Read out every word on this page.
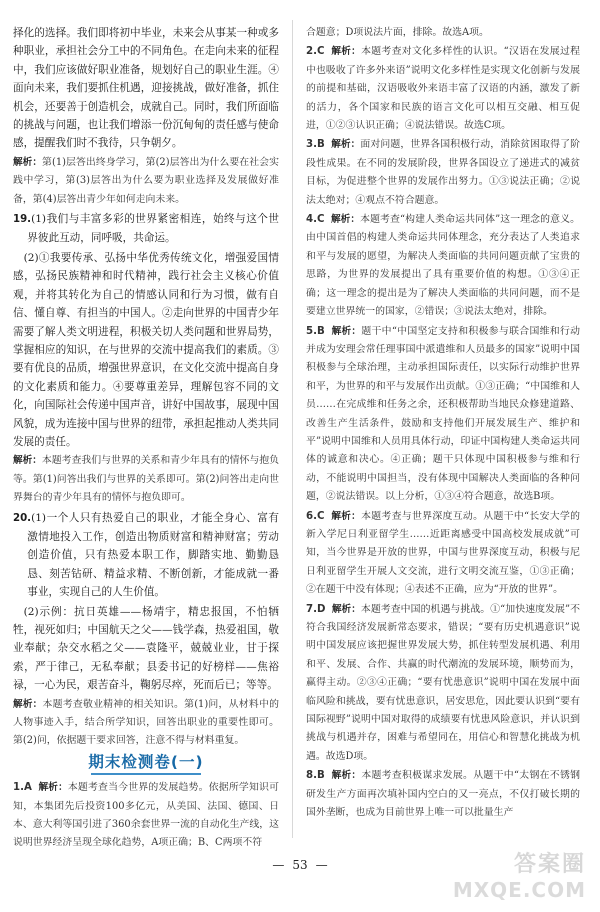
择化的选择。我们即将初中毕业，未来会从事某一种或多种职业，承担社会分工中的不同角色。在走向未来的征程中，我们应该做好职业准备，规划好自己的职业生涯。④面向未来，我们要抓住机遇，迎接挑战，做好准备，抓住机会，还要善于创造机会，成就自己。同时，我们所面临的挑战与问题，也让我们增添一份沉甸甸的责任感与使命感，提醒我们时不我待，只争朝夕。

解析：第(1)层答出终身学习，第(2)层答出为什么要在社会实践中学习，第(3)层答出为什么要为职业选择及发展做好准备，第(4)层答出青少年如何走向未来。

19.(1)我们与丰富多彩的世界紧密相连，始终与这个世界彼此互动，同呼吸，共命运。

(2)①我要传承、弘扬中华优秀传统文化，增强爱国情感，弘扬民族精神和时代精神，践行社会主义核心价值观，并将其转化为自己的情感认同和行为习惯，做有自信、懂自尊、有担当的中国人。②走向世界的中国青少年需要了解人类文明进程，积极关切人类问题和世界局势，掌握相应的知识，在与世界的交流中提高我们的素质。③要有优良的品质，增强世界意识，在文化交流中提高自身的文化素质和能力。④要尊重差异，理解包容不同的文化，向国际社会传递中国声音，讲好中国故事，展现中国风貌，成为连接中国与世界的纽带，承担起推动人类共同发展的责任。

解析：本题考查我们与世界的关系和青少年具有的情怀与抱负等。第(1)问答出我们与世界的关系即可。第(2)问答出走向世界舞台的青少年具有的情怀与抱负即可。

20.(1)一个人只有热爱自己的职业，才能全身心、富有激情地投入工作，创造出物质财富和精神财富；劳动创造价值，只有热爱本职工作，脚踏实地、勤勤恳恳、刻苦钻研、精益求精、不断创新，才能成就一番事业，实现自己的人生价值。

(2)示例：抗日英雄——杨靖宇，精忠报国，不怕牺牲，视死如归；中国航天之父——钱学森，热爱祖国，敬业奉献；杂交水稻之父——袁隆平，兢兢业业，甘于探索，严于律己，无私奉献；县委书记的好榜样——焦裕禄，一心为民，艰苦奋斗，鞠躬尽瘁，死而后已；等等。

解析：本题考查敬业精神的相关知识。第(1)问，从材料中的人物事迹入手，结合所学知识，回答出职业的重要性即可。第(2)问，依据题干要求回答，注意不得与材料重复。

期末检测卷(一)

1.A 解析：本题考查当今世界的发展趋势。依据所学知识可知，本集团先后投资100多亿元，从美国、法国、德国、日本、意大利等国引进了360余套世界一流的自动化生产线，这说明世界经济呈现全球化趋势，A项正确；B、C两项不符

合题意；D项说法片面，排除。故选A项。

2.C 解析：本题考查对文化多样性的认识。“汉语在发展过程中也吸收了许多外来语”说明文化多样性是实现文化创新与发展的前提和基础，汉语吸收外来语丰富了汉语的内涵，激发了新的活力，各个国家和民族的语言文化可以相互交融、相互促进，①②③认识正确；④说法错误。故选C项。

3.B 解析：面对问题，世界各国积极行动，消除贫困取得了阶段性成果。在不同的发展阶段，世界各国设立了递进式的减贫目标，为促进整个世界的发展作出努力。①③说法正确；②说法太绝对；④观点不符合题意。

4.C 解析：本题考查“构建人类命运共同体”这一理念的意义。由中国首倡的构建人类命运共同体理念，充分表达了人类追求和平与发展的愿望，为解决人类面临的共同问题贡献了宝贵的思路，为世界的发展提出了具有重要价值的构想。①③④正确；这一理念的提出是为了解决人类面临的共同问题，而不是要建立世界统一的国家，②错误；③说法太绝对，排除。

5.B 解析：题干中“中国坚定支持和积极参与联合国维和行动并成为安理会常任理事国中派遣维和人员最多的国家”说明中国积极参与全球治理，主动承担国际责任，以实际行动维护世界和平，为世界的和平与发展作出贡献。①③正确；“中国维和人员……在完成维和任务之余，还积极帮助当地民众修建道路、改善生产生活条件，鼓励和支持他们开展发展生产、维护和平”说明中国维和人员用具体行动，印证中国构建人类命运共同体的诚意和决心。④正确；题干只体现中国积极参与维和行动，不能说明中国担当，没有体现中国解决人类面临的各种问题，②说法错误。以上分析，①③④符合题意，故选B项。

6.C 解析：本题考查与世界深度互动。从题干中“长安大学的新入学尼日利亚留学生……近距离感受中国高校发展成就”可知，当今世界是开放的世界，中国与世界深度互动，积极与尼日利亚留学生开展人文交流，进行文明交流互鉴，①③正确；②在题干中没有体现；④表述不正确，应为“开放的世界”。

7.D 解析：本题考查中国的机遇与挑战。①“加快速度发展”不符合我国经济发展新常态要求，错误；“要有历史机遇意识”说明中国发展应该把握世界发展大势，抓住转型发展机遇、利用和平、发展、合作、共赢的时代潮流的发展环境，顺势而为，赢得主动。②③④正确；“要有忧患意识”说明中国在发展中面临风险和挑战，要有忧患意识，居安思危，因此要认识到“要有国际视野”说明中国对取得的成绩要有忧患风险意识，并认识到挑战与机遇并存，困难与希望同在，用信心和智慧化挑战为机遇。故选D项。

8.B 解析：本题考查积极谋求发展。从题干中“太钢在不锈钢研发生产方面再次填补国内空白的又一亮点，不仅打破长期的国外垄断，也成为目前世界上唯一可以批量生产

— 53 —	答案圈
MXQE.COM
